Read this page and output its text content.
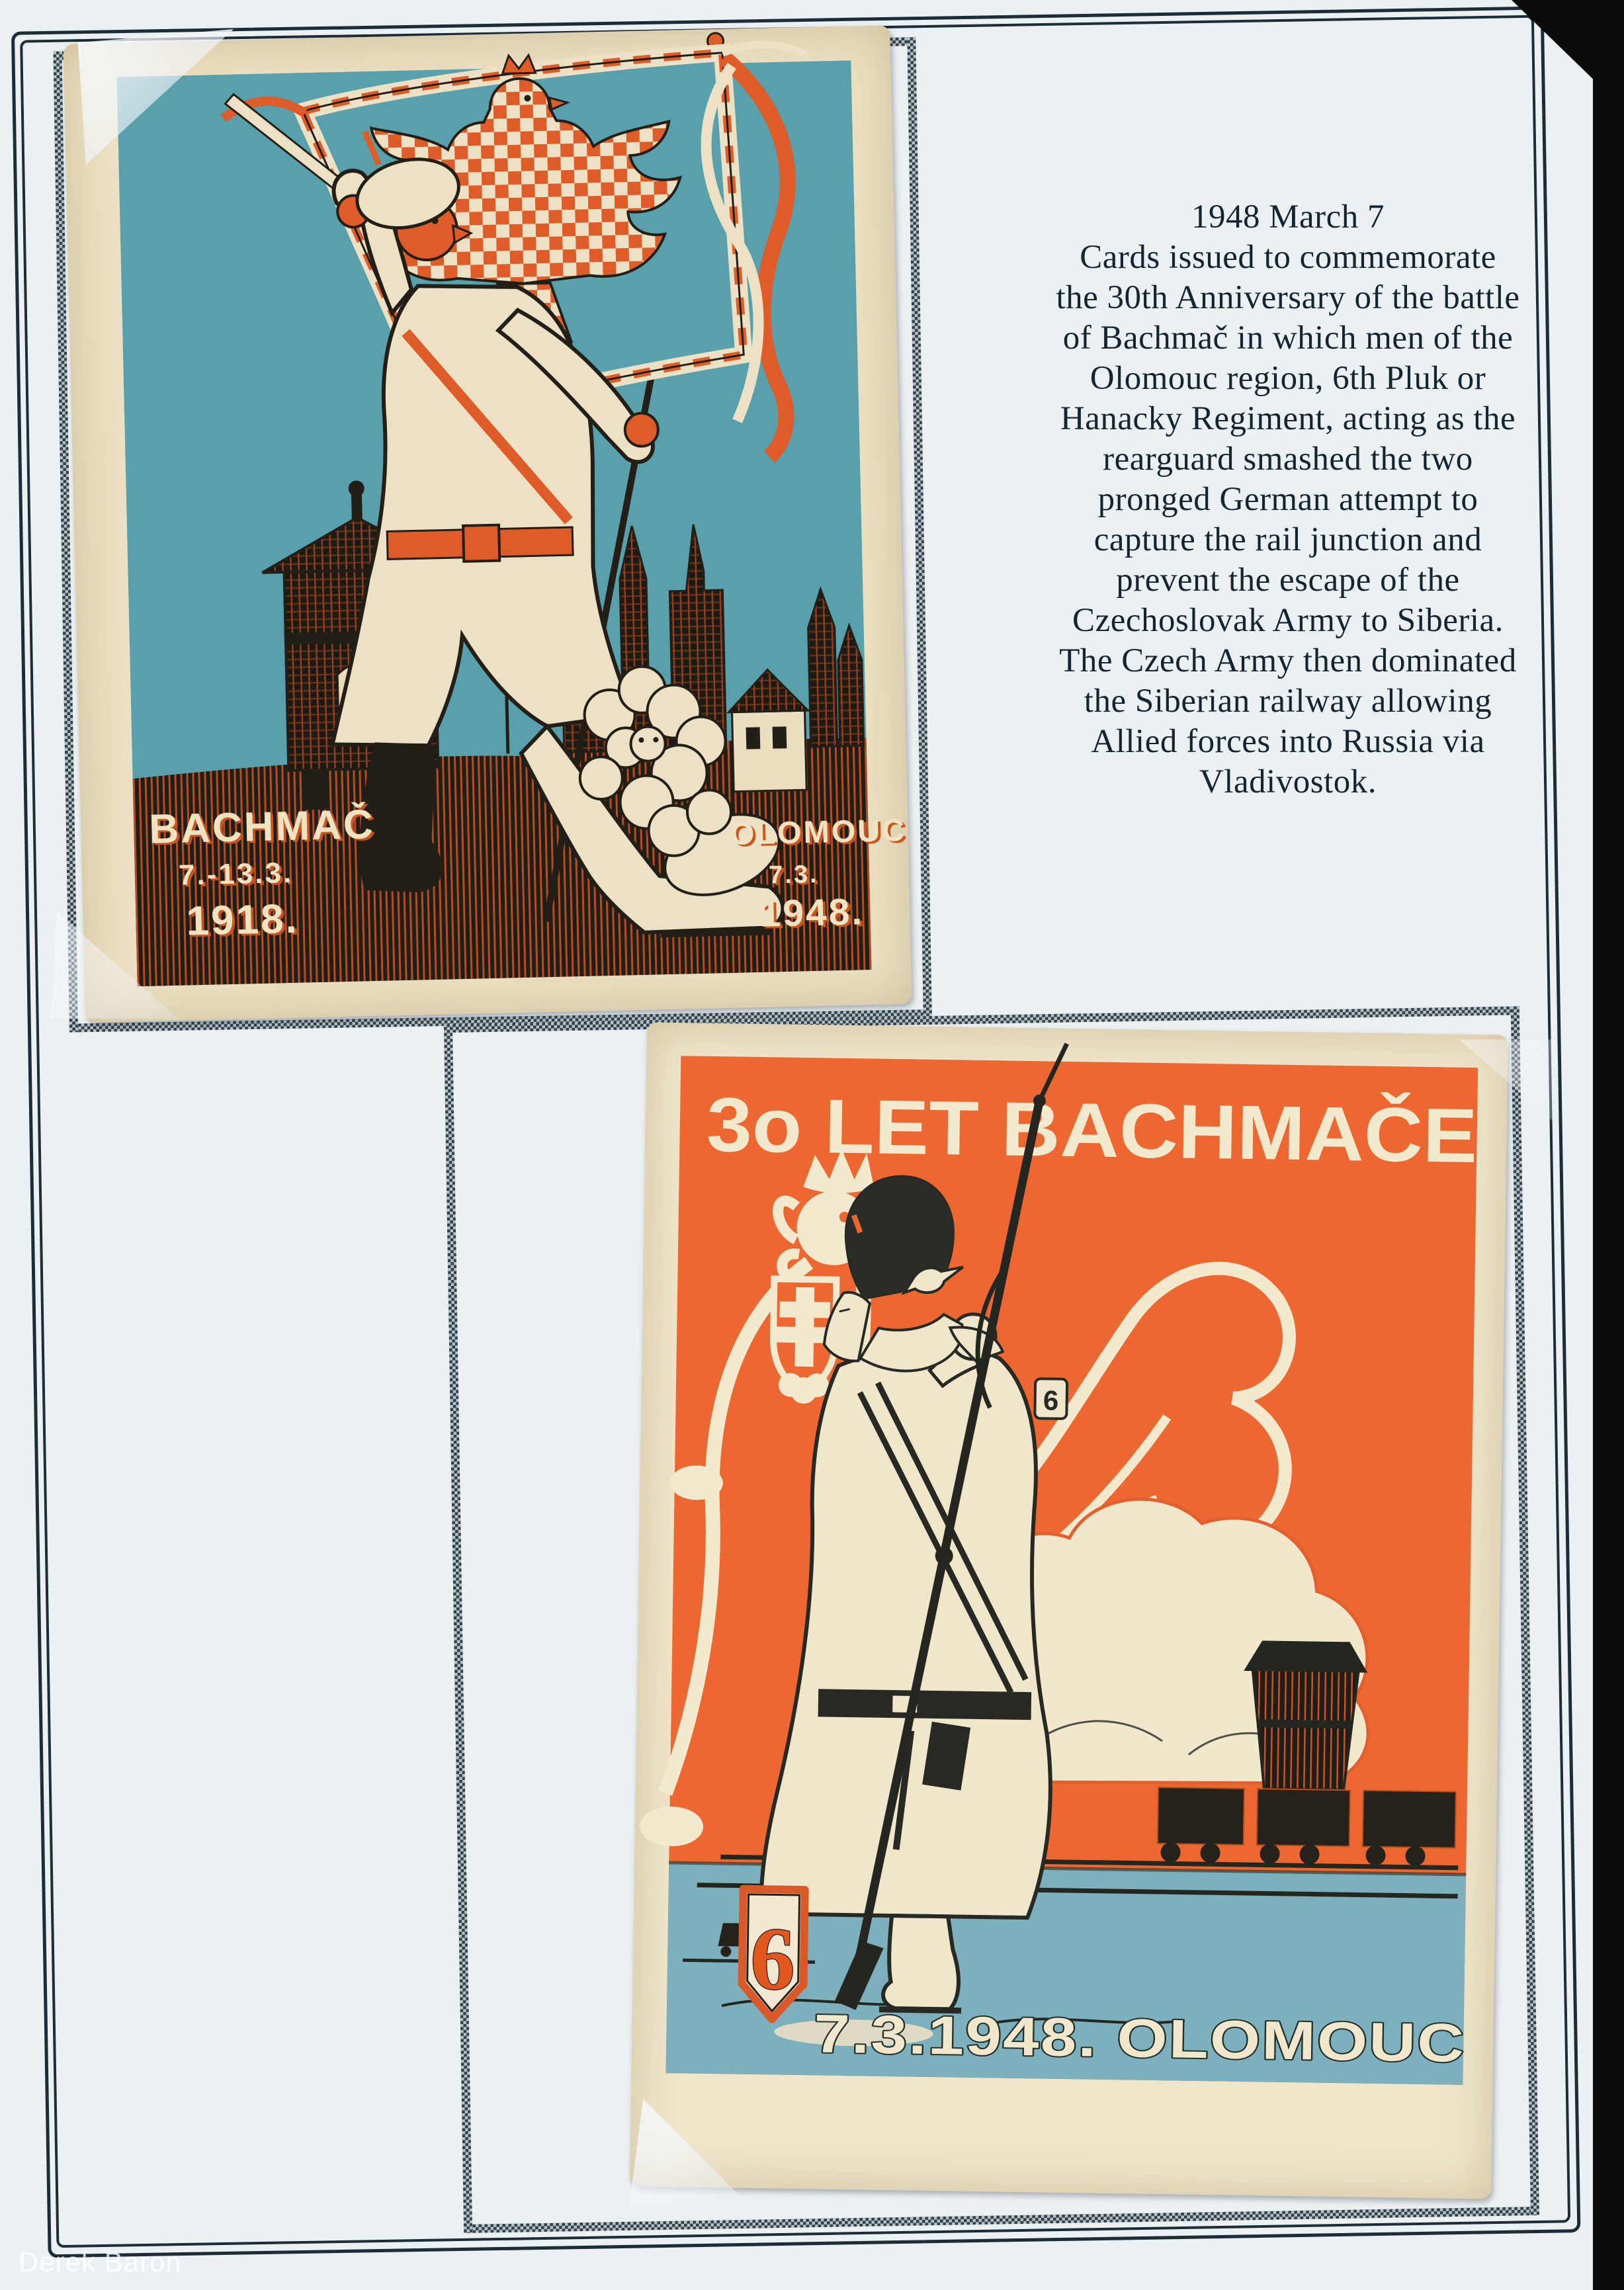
1948 March 7
Cards issued to commemorate
the 30th Anniversary of the battle
of Bachmač in which men of the
Olomouc region, 6th Pluk or
Hanacky Regiment, acting as the
rearguard smashed the two
pronged German attempt to
capture the rail junction and
prevent the escape of the
Czechoslovak Army to Siberia.
The Czech Army then dominated
the Siberian railway allowing
Allied forces into Russia via
Vladivostok.
BACHMAČ
7.-13.3.
1918.
OLOMOUC
7.3.
1948.
3o LET BACHMAČE
6
6
7.3.1948. OLOMOUC
Derek Baron
